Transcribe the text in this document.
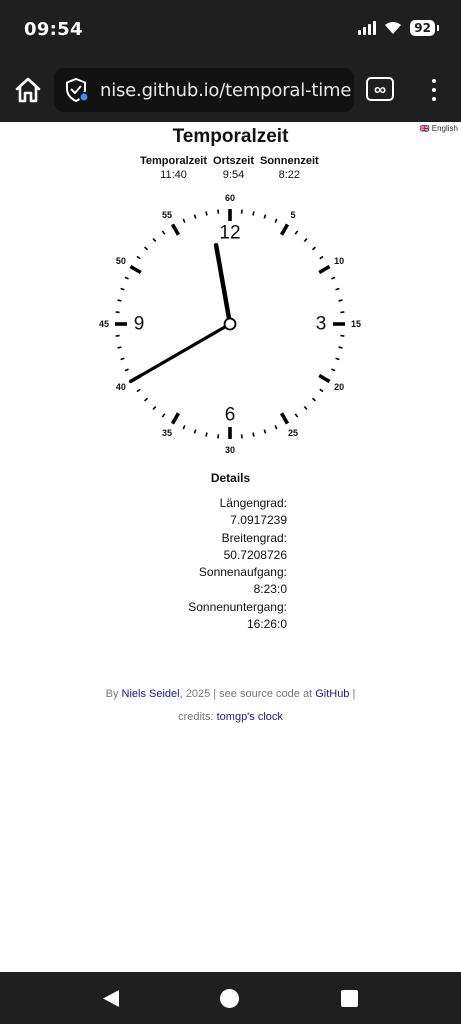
09:54	92
nise.github.io/temporal-time	∞
🇬🇧 English
Temporalzeit
Temporalzeit
11:40
Ortszeit
9:54
Sonnenzeit
8:22
60
5
10
15
20
25
30
35
40
45
50
55
12
3
6
9
Details
Längengrad:
7.0917239
Breitengrad:
50.7208726
Sonnenaufgang:
8:23:0
Sonnenuntergang:
16:26:0
By Niels Seidel, 2025 | see source code at GitHub |
credits: tomgp's clock
